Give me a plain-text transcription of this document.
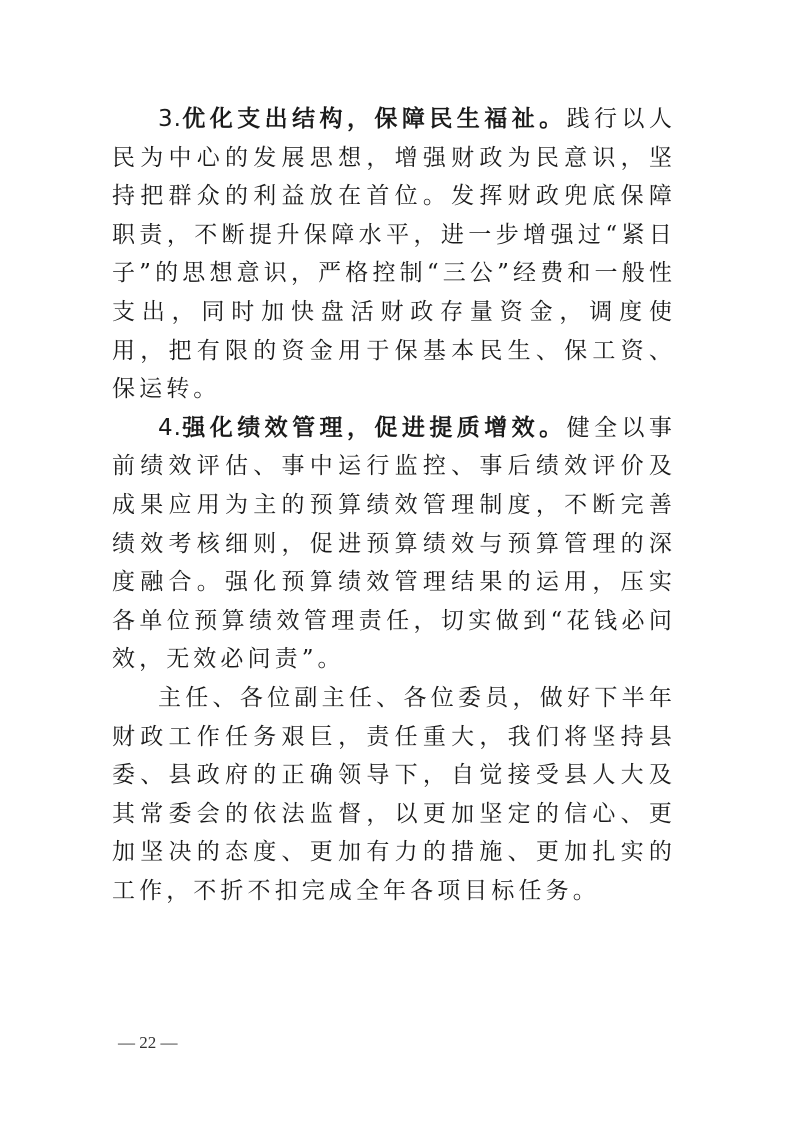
3.优化支出结构，保障民生福祉。践行以人民为中心的发展思想，增强财政为民意识，坚持把群众的利益放在首位。发挥财政兜底保障职责，不断提升保障水平，进一步增强过“紧日子”的思想意识，严格控制“三公”经费和一般性支出，同时加快盘活财政存量资金，调度使用，把有限的资金用于保基本民生、保工资、保运转。

4.强化绩效管理，促进提质增效。健全以事前绩效评估、事中运行监控、事后绩效评价及成果应用为主的预算绩效管理制度，不断完善绩效考核细则，促进预算绩效与预算管理的深度融合。强化预算绩效管理结果的运用，压实各单位预算绩效管理责任，切实做到“花钱必问效，无效必问责”。

主任、各位副主任、各位委员，做好下半年财政工作任务艰巨，责任重大，我们将坚持县委、县政府的正确领导下，自觉接受县人大及其常委会的依法监督，以更加坚定的信心、更加坚决的态度、更加有力的措施、更加扎实的工作，不折不扣完成全年各项目标任务。

— 22 —
